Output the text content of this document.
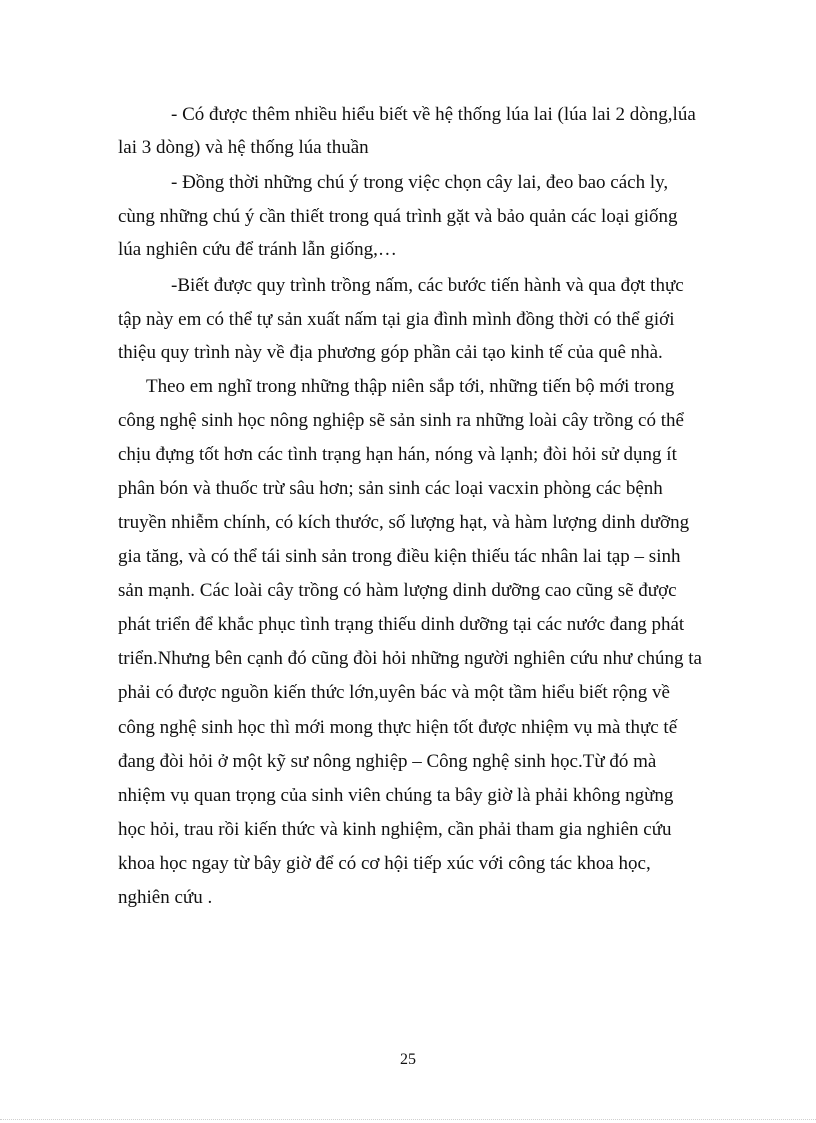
- Có được thêm nhiều hiểu biết về hệ thống lúa lai (lúa lai 2 dòng,lúa
lai 3 dòng) và hệ thống lúa thuần
- Đồng thời những chú ý trong việc chọn cây lai, đeo bao cách ly,
cùng những chú ý cần thiết trong quá trình gặt và bảo quản các loại giống
lúa nghiên cứu để tránh lẫn giống,…
-Biết được quy trình trồng nấm, các bước tiến hành và qua đợt thực
tập này em có thể tự sản xuất nấm tại gia đình mình đồng thời có thể giới
thiệu quy trình này về địa phương góp phần cải tạo kinh tế của quê nhà.
Theo em nghĩ trong những thập niên sắp tới, những tiến bộ mới trong
công nghệ sinh học nông nghiệp sẽ sản sinh ra những loài cây trồng có thể
chịu đựng tốt hơn các tình trạng hạn hán, nóng và lạnh; đòi hỏi sử dụng ít
phân bón và thuốc trừ sâu hơn; sản sinh các loại vacxin phòng các bệnh
truyền nhiễm chính, có kích thước, số lượng hạt, và hàm lượng dinh dưỡng
gia tăng, và có thể tái sinh sản trong điều kiện thiếu tác nhân lai tạp – sinh
sản mạnh. Các loài cây trồng có hàm lượng dinh dưỡng cao cũng sẽ được
phát triển để khắc phục tình trạng thiếu dinh dưỡng tại các nước đang phát
triển.Nhưng bên cạnh đó cũng đòi hỏi những người nghiên cứu như chúng ta
phải có được nguồn kiến thức lớn,uyên bác và một tầm hiểu biết rộng về
công nghệ sinh học thì mới mong thực hiện tốt được nhiệm vụ mà thực tế
đang đòi hỏi ở một kỹ sư nông nghiệp – Công nghệ sinh học.Từ đó mà
nhiệm vụ quan trọng của sinh viên chúng ta bây giờ là phải không ngừng
học hỏi, trau rồi kiến thức và kinh nghiệm, cần phải tham gia nghiên cứu
khoa học ngay từ bây giờ để có cơ hội tiếp xúc với công tác khoa học,
nghiên cứu .
25
